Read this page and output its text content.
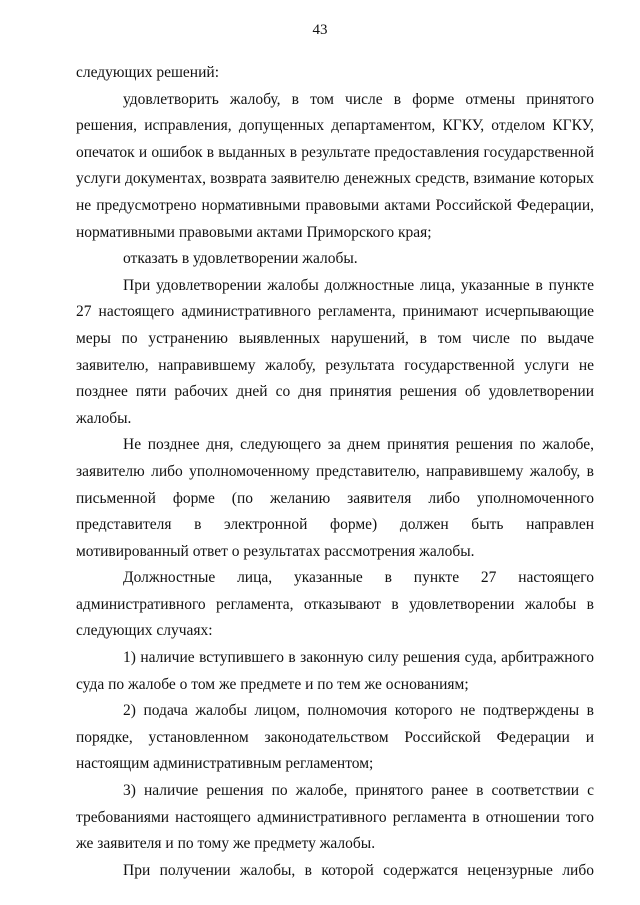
43

следующих решений:

удовлетворить жалобу, в том числе в форме отмены принятого решения, исправления, допущенных департаментом, КГКУ, отделом КГКУ, опечаток и ошибок в выданных в результате предоставления государственной услуги документах, возврата заявителю денежных средств, взимание которых не предусмотрено нормативными правовыми актами Российской Федерации, нормативными правовыми актами Приморского края;

отказать в удовлетворении жалобы.

При удовлетворении жалобы должностные лица, указанные в пункте 27 настоящего административного регламента, принимают исчерпывающие меры по устранению выявленных нарушений, в том числе по выдаче заявителю, направившему жалобу, результата государственной услуги не позднее пяти рабочих дней со дня принятия решения об удовлетворении жалобы.

Не позднее дня, следующего за днем принятия решения по жалобе, заявителю либо уполномоченному представителю, направившему жалобу, в письменной форме (по желанию заявителя либо уполномоченного представителя в электронной форме) должен быть направлен мотивированный ответ о результатах рассмотрения жалобы.

Должностные лица, указанные в пункте 27 настоящего административного регламента, отказывают в удовлетворении жалобы в следующих случаях:

1) наличие вступившего в законную силу решения суда, арбитражного суда по жалобе о том же предмете и по тем же основаниям;

2) подача жалобы лицом, полномочия которого не подтверждены в порядке, установленном законодательством Российской Федерации и настоящим административным регламентом;

3) наличие решения по жалобе, принятого ранее в соответствии с требованиями настоящего административного регламента в отношении того же заявителя и по тому же предмету жалобы.

При получении жалобы, в которой содержатся нецензурные либо
